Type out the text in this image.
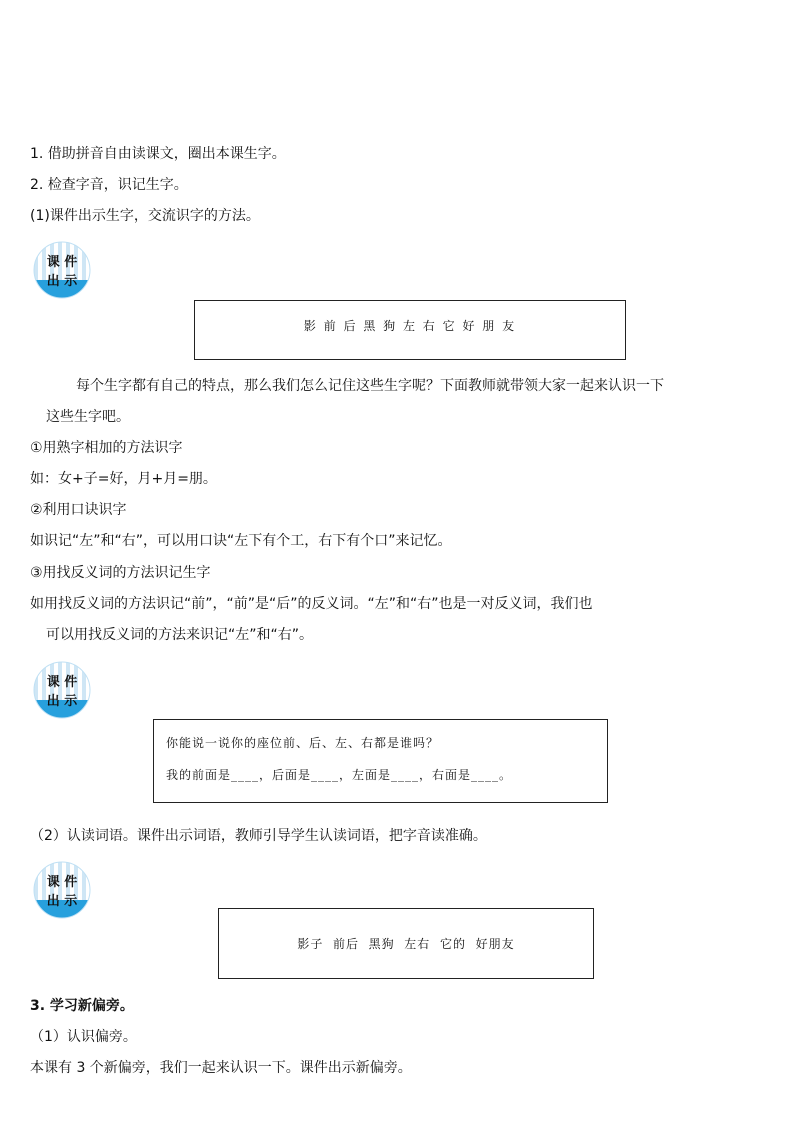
1. 借助拼音自由读课文，圈出本课生字。
2. 检查字音，识记生字。
(1)课件出示生字，交流识字的方法。
课 件
出 示
影 前 后 黑 狗 左 右 它 好 朋 友
每个生字都有自己的特点，那么我们怎么记住这些生字呢？下面教师就带领大家一起来认识一下
这些生字吧。
①用熟字相加的方法识字
如：女+子=好，月+月=朋。
②利用口诀识字
如识记“左”和“右”，可以用口诀“左下有个工，右下有个口”来记忆。
③用找反义词的方法识记生字
如用找反义词的方法识记“前”，“前”是“后”的反义词。“左”和“右”也是一对反义词，我们也
可以用找反义词的方法来识记“左”和“右”。
课 件
出 示
你能说一说你的座位前、后、左、右都是谁吗？
我的前面是____，后面是____，左面是____，右面是____。
（2）认读词语。课件出示词语，教师引导学生认读词语，把字音读准确。
课 件
出 示
影子  前后  黑狗  左右  它的  好朋友
3. 学习新偏旁。
（1）认识偏旁。
本课有 3 个新偏旁，我们一起来认识一下。课件出示新偏旁。
